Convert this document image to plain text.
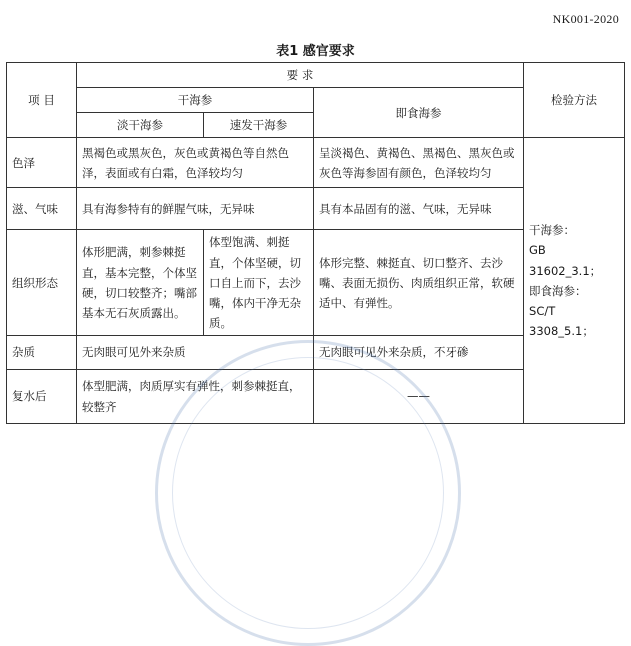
NK001-2020
表1 感官要求
项 目	要 求			检验方法
	干海参		即食海参	
	淡干海参	速发干海参		
色泽	黑褐色或黑灰色，灰色或黄褐色等自然色泽，表面或有白霜，色泽较均匀		呈淡褐色、黄褐色、黑褐色、黑灰色或灰色等海参固有颜色，色泽较均匀	干海参：
GB 31602_3.1；
即食海参：
SC/T 3308_5.1；

滋、气味	具有海参特有的鲜腥气味，无异味		具有本品固有的滋、气味，无异味	
组织形态	体形肥满，刺参棘挺直，基本完整，个体坚硬，切口较整齐；嘴部基本无石灰质露出。	体型饱满、刺挺直，个体坚硬，切口自上而下，去沙嘴，体内干净无杂质。	体形完整、棘挺直、切口整齐、去沙嘴、表面无损伤、肉质组织正常，软硬适中、有弹性。	
杂质	无肉眼可见外来杂质		无肉眼可见外来杂质，不牙碜	
复水后	体型肥满，肉质厚实有弹性，刺参棘挺直，较整齐		——	
